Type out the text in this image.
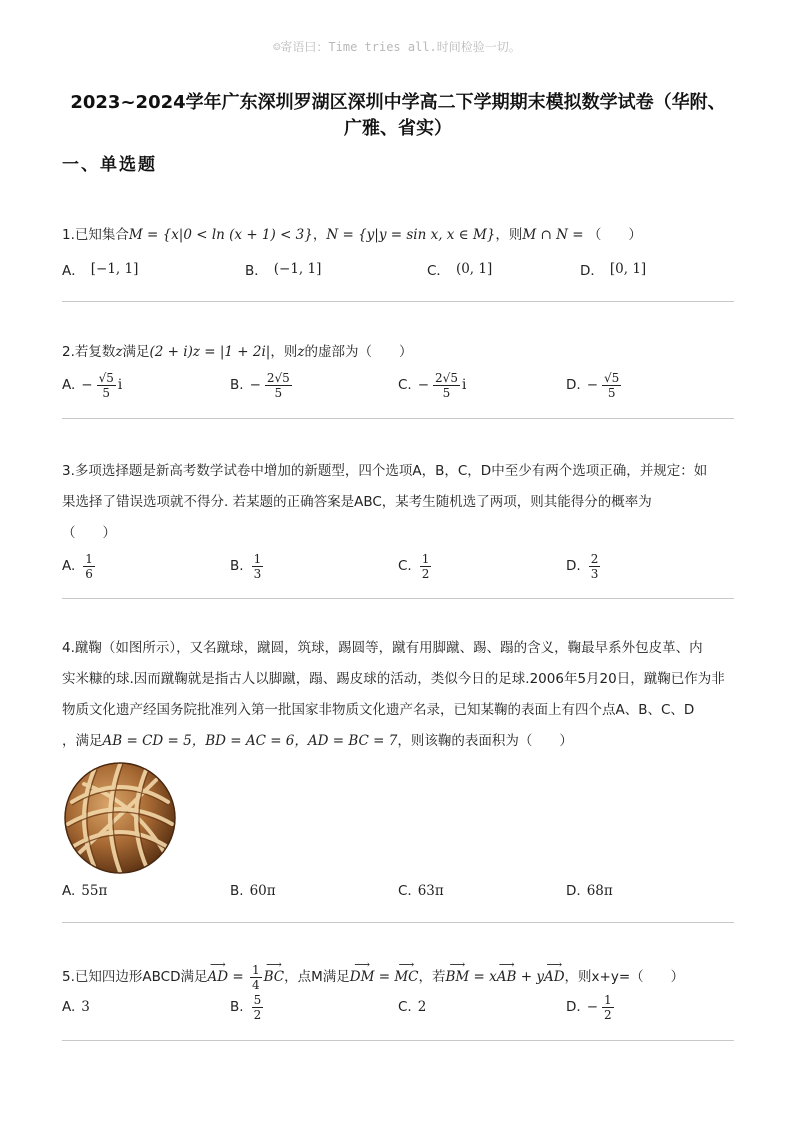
☺寄语曰：Time tries all.时间检验一切。
2023~2024学年广东深圳罗湖区深圳中学高二下学期期末模拟数学试卷（华附、广雅、省实）
一、单选题
1.已知集合M = {x|0 < ln (x + 1) < 3}，N = {y|y = sin x, x ∈ M}，则M ∩ N = （　　）
A． [−1, 1]	B． (−1, 1]	C． (0, 1]	D． [0, 1]
2.若复数z满足(2 + i)z = |1 + 2i|，则z的虚部为（　　）
A. − $\frac{√5}{5}$ i	B. − $\frac{2√5}{5}$	C. − $\frac{2√5}{5}$ i	D. − $\frac{√5}{5}$
3.多项选择题是新高考数学试卷中增加的新题型，四个选项A，B，C，D中至少有两个选项正确，并规定：如
果选择了错误选项就不得分. 若某题的正确答案是ABC，某考生随机选了两项，则其能得分的概率为
（　　）
A. $\frac{1}{6}$	B. $\frac{1}{3}$	C. $\frac{1}{2}$	D. $\frac{2}{3}$
4.蹴鞠（如图所示），又名蹴球，蹴圆，筑球，踢圆等，蹴有用脚蹴、踢、蹋的含义，鞠最早系外包皮革、内
实米糠的球.因而蹴鞠就是指古人以脚蹴，蹋、踢皮球的活动，类似今日的足球.2006年5月20日，蹴鞠已作为非
物质文化遗产经国务院批准列入第一批国家非物质文化遗产名录，已知某鞠的表面上有四个点A、B、C、D
，满足AB = CD = 5，BD = AC = 6，AD = BC = 7，则该鞠的表面积为（　　）
A. 55π	B. 60π	C. 63π	D. 68π
5.已知四边形ABCD满足⟶ AD = $\frac{1}{4}$
⟶ BC，点M满足⟶ DM = ⟶ MC，若⟶ BM = x⟶ AB + y⟶ AD，则x+y=（　　）
A. 3	B. $\frac{5}{2}$	C. 2	D. − $\frac{1}{2}$
